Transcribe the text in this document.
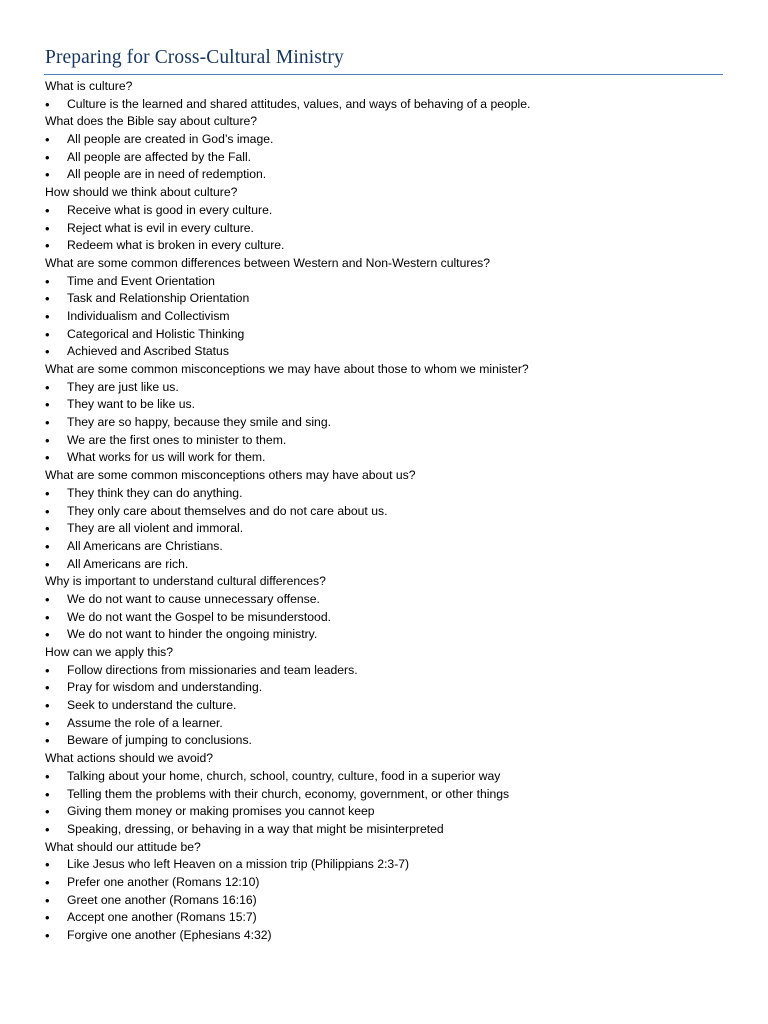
Preparing for Cross-Cultural Ministry
What is culture?
• Culture is the learned and shared attitudes, values, and ways of behaving of a people.
What does the Bible say about culture?
• All people are created in God’s image.
• All people are affected by the Fall.
• All people are in need of redemption.
How should we think about culture?
• Receive what is good in every culture.
• Reject what is evil in every culture.
• Redeem what is broken in every culture.
What are some common differences between Western and Non-Western cultures?
• Time and Event Orientation
• Task and Relationship Orientation
• Individualism and Collectivism
• Categorical and Holistic Thinking
• Achieved and Ascribed Status
What are some common misconceptions we may have about those to whom we minister?
• They are just like us.
• They want to be like us.
• They are so happy, because they smile and sing.
• We are the first ones to minister to them.
• What works for us will work for them.
What are some common misconceptions others may have about us?
• They think they can do anything.
• They only care about themselves and do not care about us.
• They are all violent and immoral.
• All Americans are Christians.
• All Americans are rich.
Why is important to understand cultural differences?
• We do not want to cause unnecessary offense.
• We do not want the Gospel to be misunderstood.
• We do not want to hinder the ongoing ministry.
How can we apply this?
• Follow directions from missionaries and team leaders.
• Pray for wisdom and understanding.
• Seek to understand the culture.
• Assume the role of a learner.
• Beware of jumping to conclusions.
What actions should we avoid?
• Talking about your home, church, school, country, culture, food in a superior way
• Telling them the problems with their church, economy, government, or other things
• Giving them money or making promises you cannot keep
• Speaking, dressing, or behaving in a way that might be misinterpreted
What should our attitude be?
• Like Jesus who left Heaven on a mission trip (Philippians 2:3-7)
• Prefer one another (Romans 12:10)
• Greet one another (Romans 16:16)
• Accept one another (Romans 15:7)
• Forgive one another (Ephesians 4:32)
